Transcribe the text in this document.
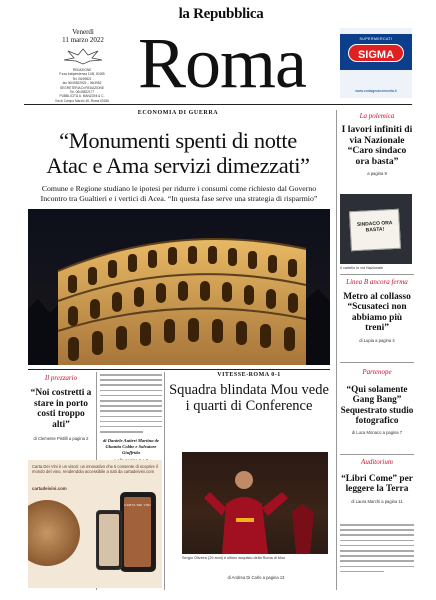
la Repubblica
Venerdì
11 marzo 2022
REDAZIONE
P.zza Indipendenza 11/B, 00185
Tel. 06/49821
fax 06/49822923 – 06/4982
SEGRETERIA DI REDAZIONE
Tel. 06/49822177
PUBBLICITÀ A. MANZONI & C.
Via di Campo Marzio 46, Roma 00186 Roma	SUPERMERCATI
SIGMA
www.codsigmacomunita.it
ECONOMIA DI GUERRA
“Monumenti spenti di notte
Atac e Ama servizi dimezzati”
Comune e Regione studiano le ipotesi per ridurre i consumi come richiesto dal Governo Incontro tra Gualtieri e i vertici di Acea. “In questa fase serve una strategia di risparmio”
La polemica
I lavori infiniti di via Nazionale “Caro sindaco ora basta”
a pagina 9
SINDACO ORA BASTA!
Il cartello in via Nazionale
Linea B ancora ferma
Metro al collasso “Scusateci non abbiamo più treni”
di Lupia a pagina 4
Partenope
“Qui solamente Gang Bang” Sequestrato studio fotografico
di Luca Monaco a pagina 7
Auditorium
“Libri Come” per leggere la Terra
di Laura Marchi a pagina 11
Il prezzario
“Noi costretti a stare in porto costi troppo alti”
di Clemente Pistilli a pagina 2	di Daniele Autieri Martina de Ghantia Cobbe e Salvatore Giuffrida
VITESSE-ROMA 0-1
Squadra blindata Mou vede i quarti di Conference
Sergio Oliveira (29 anni) è ultimo acquisto della Roma di Mou
di Andrea Di Carlo a pagina 13
Carta Dei Vini è un visori: un innovativo che ti consente di scoprire il mondo del vino, rendendola accessibile a tutti da cartadeivini.com
cartadeivini.com
CARTA DEI VINI
